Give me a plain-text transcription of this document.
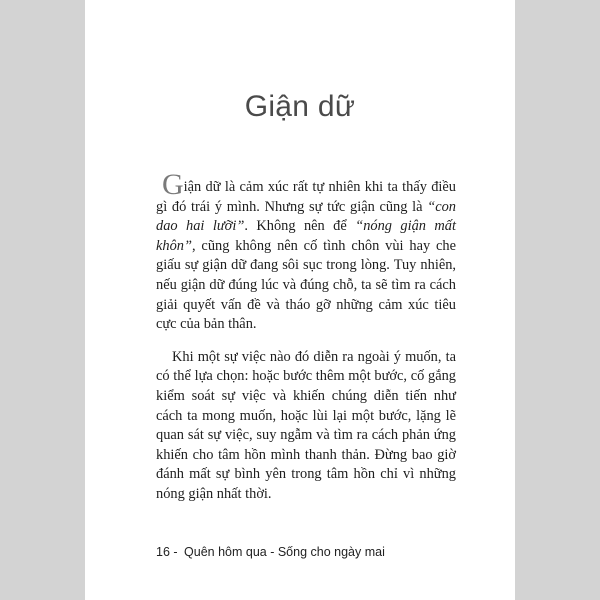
Giận dữ

Giận dữ là cảm xúc rất tự nhiên khi ta thấy điều gì đó trái ý mình. Nhưng sự tức giận cũng là “con dao hai lưỡi”. Không nên để “nóng giận mất khôn”, cũng không nên cố tình chôn vùi hay che giấu sự giận dữ đang sôi sục trong lòng. Tuy nhiên, nếu giận dữ đúng lúc và đúng chỗ, ta sẽ tìm ra cách giải quyết vấn đề và tháo gỡ những cảm xúc tiêu cực của bản thân.

Khi một sự việc nào đó diễn ra ngoài ý muốn, ta có thể lựa chọn: hoặc bước thêm một bước, cố gắng kiểm soát sự việc và khiến chúng diễn tiến như cách ta mong muốn, hoặc lùi lại một bước, lặng lẽ quan sát sự việc, suy ngẫm và tìm ra cách phản ứng khiến cho tâm hồn mình thanh thản. Đừng bao giờ đánh mất sự bình yên trong tâm hồn chỉ vì những nóng giận nhất thời.

16 - Quên hôm qua - Sống cho ngày mai
